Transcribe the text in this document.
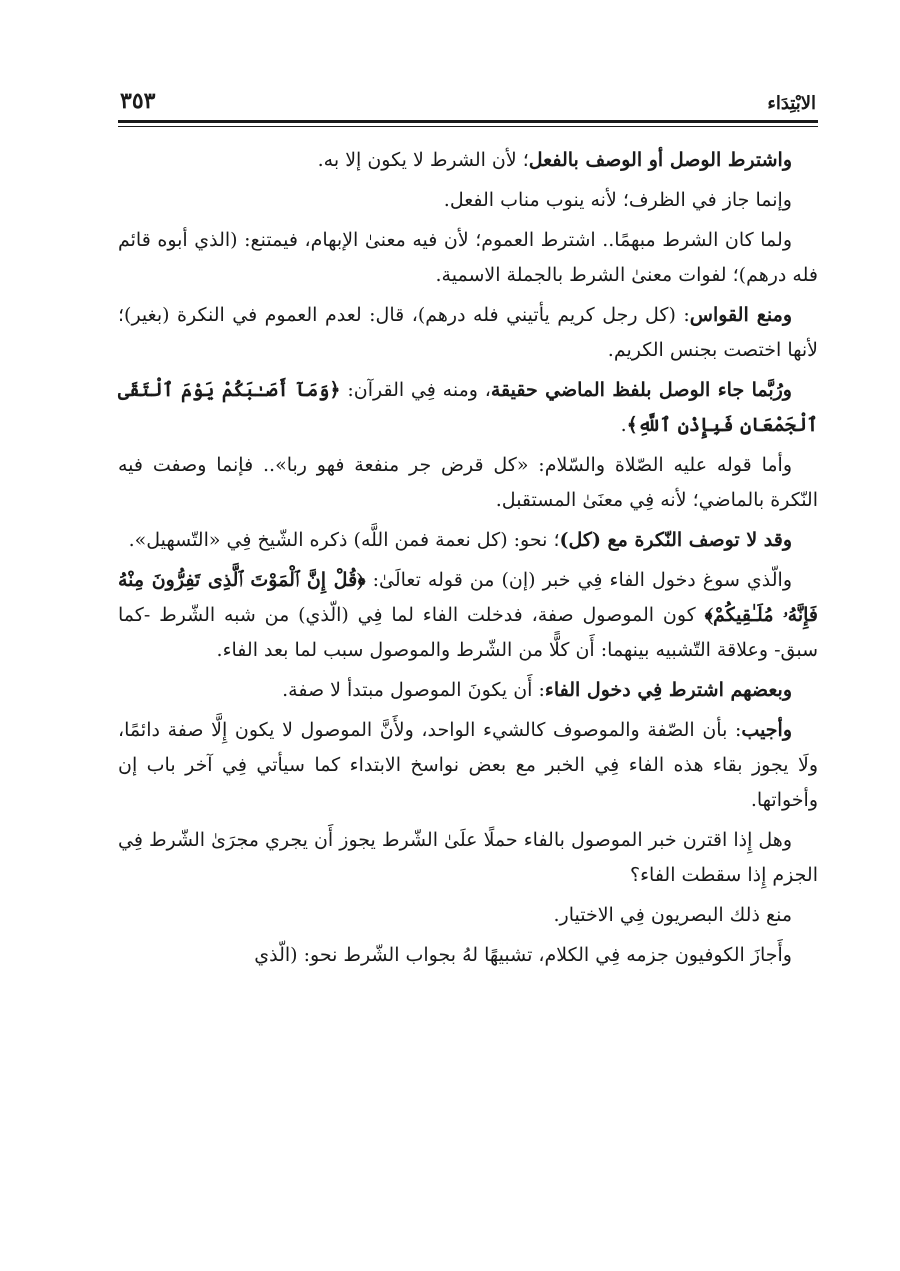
الابْتِدَاء
٣٥٣

واشترط الوصل أو الوصف بالفعل؛ لأن الشرط لا يكون إلا به.

وإنما جاز في الظرف؛ لأنه ينوب مناب الفعل.

ولما كان الشرط مبهمًا.. اشترط العموم؛ لأن فيه معنىٰ الإبهام، فيمتنع: (الذي أبوه قائم فله درهم)؛ لفوات معنىٰ الشرط بالجملة الاسمية.

ومنع القواس: (كل رجل كريم يأتيني فله درهم)، قال: لعدم العموم في النكرة (بغير)؛ لأنها اختصت بجنس الكريم.

ورُبَّما جاء الوصل بلفظ الماضي حقيقة، ومنه فِي القرآن: ﴿وَمَآ أَصَـٰبَكُمْ يَوْمَ ٱلْتَقَى ٱلْجَمْعَانِ فَبِإِذْنِ ٱللَّهِ﴾.

وأما قوله عليه الصّلاة والسّلام: «كل قرض جر منفعة فهو ربا».. فإنما وصفت فيه النّكرة بالماضي؛ لأنه فِي معنَىٰ المستقبل.

وقد لا توصف النّكرة مع (كل)؛ نحو: (كل نعمة فمن اللَّه) ذكره الشّيخ فِي «التّسهيل».

والّذي سوغ دخول الفاء فِي خبر (إن) من قوله تعالَىٰ: ﴿قُلْ إِنَّ ٱلْمَوْتَ ٱلَّذِى تَفِرُّونَ مِنْهُ فَإِنَّهُۥ مُلَـٰقِيكُمْ﴾ كون الموصول صفة، فدخلت الفاء لما فِي (الّذي) من شبه الشّرط -كما سبق- وعلاقة التّشبيه بينهما: أَن كلًّا من الشّرط والموصول سبب لما بعد الفاء.

وبعضهم اشترط فِي دخول الفاء: أَن يكونَ الموصول مبتدأ لا صفة.

وأجيب: بأن الصّفة والموصوف كالشيء الواحد، ولأَنَّ الموصول لا يكون إِلَّا صفة دائمًا، ولَا يجوز بقاء هذه الفاء فِي الخبر مع بعض نواسخ الابتداء كما سيأتي فِي آخر باب إن وأخواتها.

وهل إِذا اقترن خبر الموصول بالفاء حملًا علَىٰ الشّرط يجوز أَن يجري مجرَىٰ الشّرط فِي الجزم إِذا سقطت الفاء؟

منع ذلك البصريون فِي الاختيار.

وأَجازَ الكوفيون جزمه فِي الكلام، تشبيهًا لهُ بجواب الشّرط نحو: (الّذي
